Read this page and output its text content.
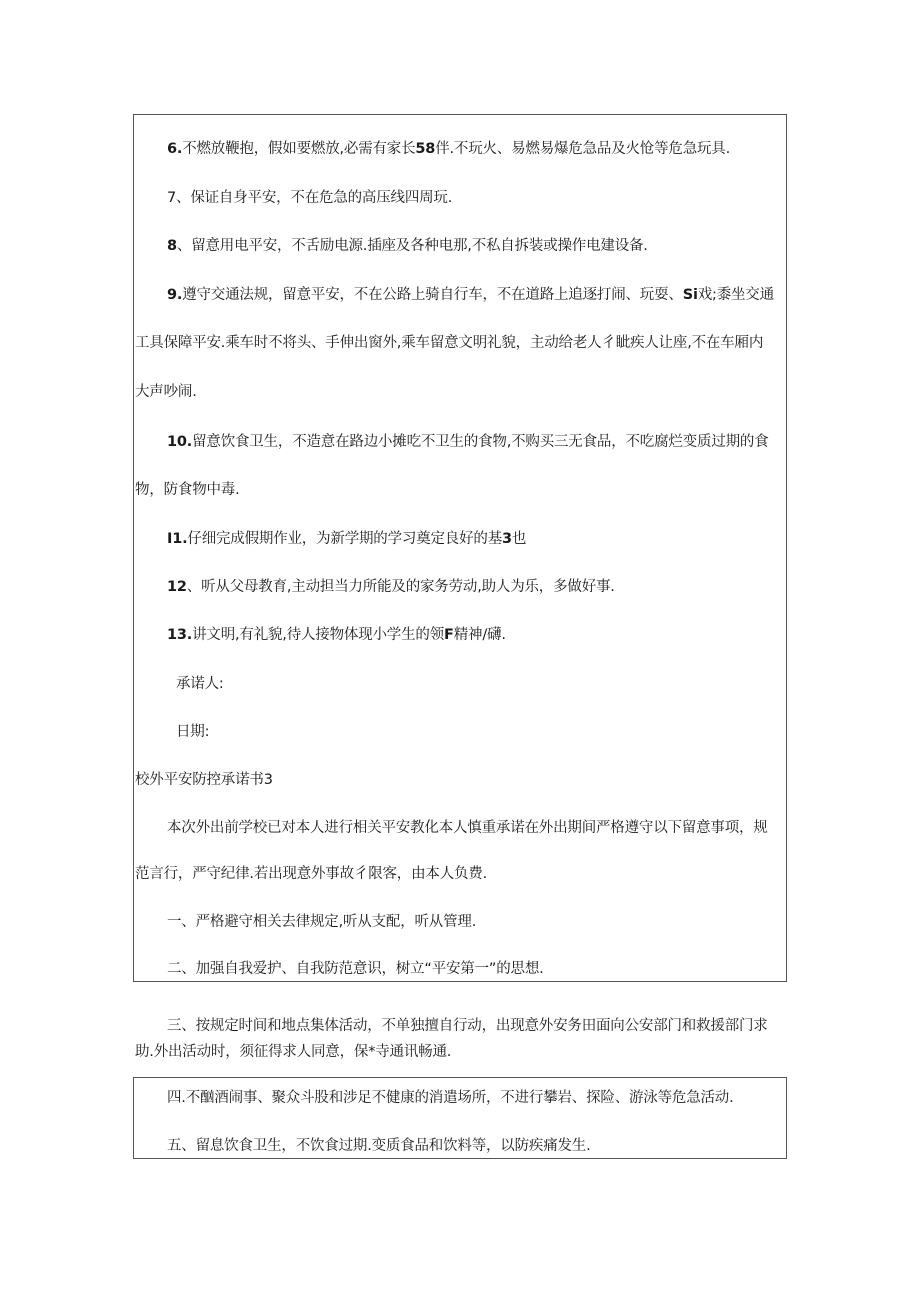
6.不燃放鞭抱，假如要燃放,必需有家长58伴.不玩火、易燃易爆危急品及火怆等危急玩具.
7、保证自身平安，不在危急的高压线四周玩.
8、留意用电平安，不舌励电源.插座及各种电那,不私自拆装或操作电建设备.
9.遵守交通法规，留意平安，不在公路上骑自行车，不在道路上追逐打闹、玩耍、Si戏;黍坐交通
工具保障平安.乘车时不将头、手伸出窗外,乘车留意文明礼貌，主动给老人彳眦疾人让座,不在车厢内
大声吵闹.
10.留意饮食卫生，不造意在路边小摊吃不卫生的食物,不购买三无食品，不吃腐烂变质过期的食
物，防食物中毒.
I1.仔细完成假期作业，为新学期的学习奠定良好的基3也
12、听从父母教育,主动担当力所能及的家务劳动,助人为乐，多做好事.
13.讲文明,有礼貌,待人接物体现小学生的领F精神/礴.
承诺人:
日期:
校外平安防控承诺书3
本次外出前学校已对本人进行相关平安教化本人慎重承诺在外出期间严格遵守以下留意事项，规
范言行，严守纪律.若出现意外事故彳限客，由本人负费.
一、严格避守相关去律规定,听从支配，听从管理.
二、加强自我爱护、自我防范意识，树立“平安第一”的思想.
三、按规定时间和地点集体活动，不单独擅自行动，出现意外安务田面向公安部门和救援部门求
助.外出活动时，须征得求人同意，保*寺通讯畅通.
四.不酗酒闹事、聚众斗股和涉足不健康的消遣场所，不进行攀岩、探险、游泳等危急活动.
五、留息饮食卫生，不饮食过期.变质食品和饮料等，以防疾痛发生.
